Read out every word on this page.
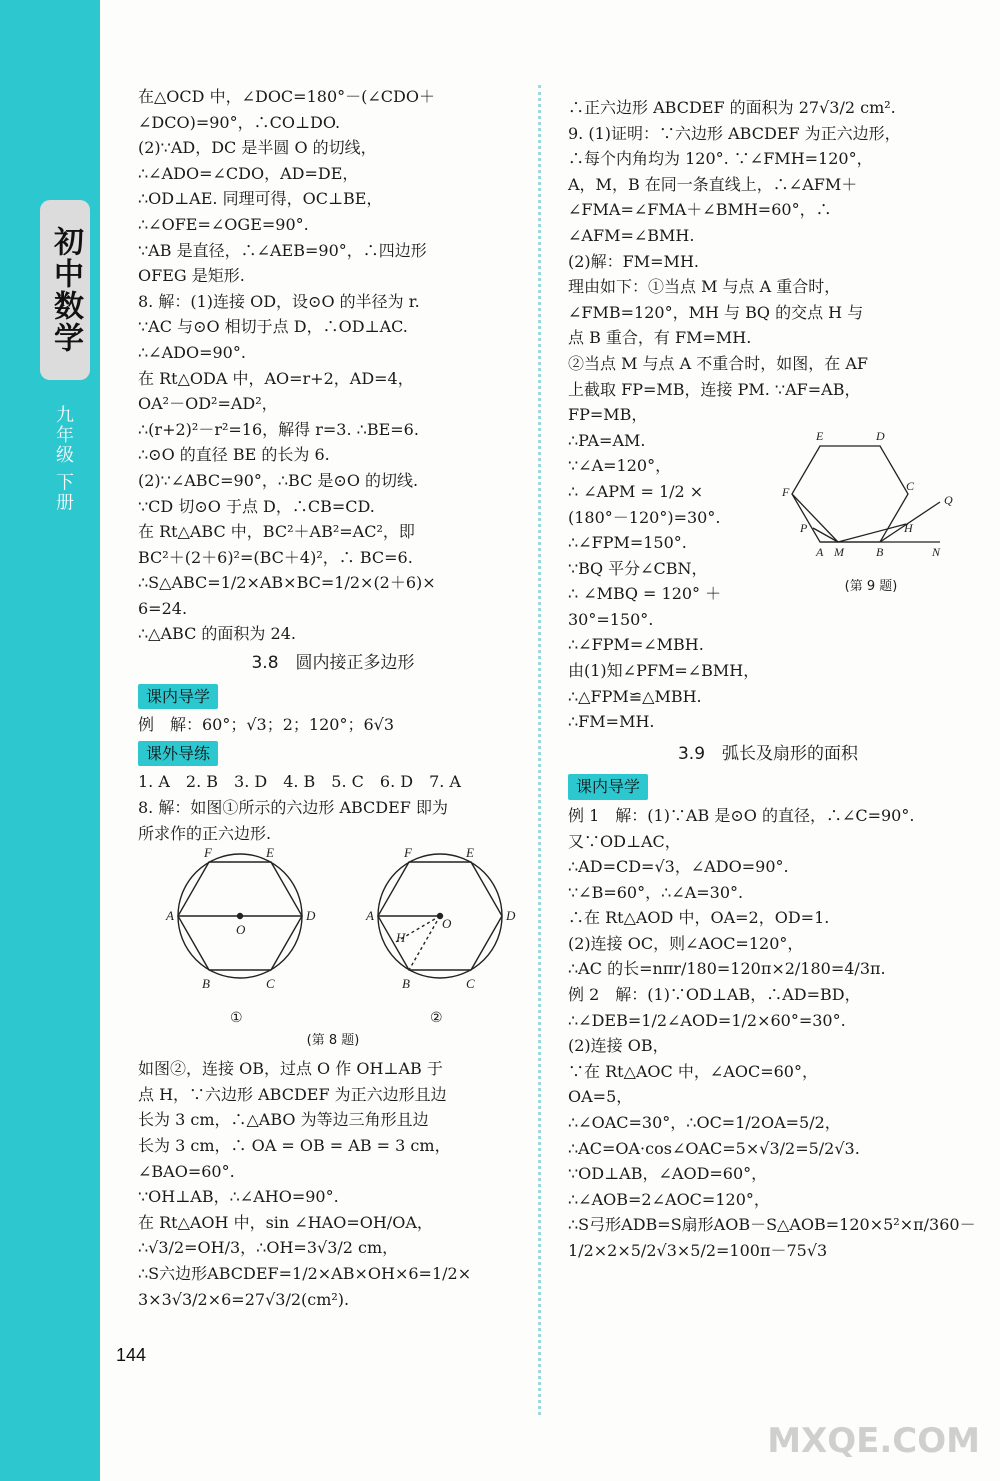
初中数学
九年级 下册
在△OCD 中，∠DOC=180°－(∠CDO＋
∠DCO)=90°，∴CO⊥DO.
(2)∵AD，DC 是半圆 O 的切线，
∴∠ADO=∠CDO，AD=DE，
∴OD⊥AE. 同理可得，OC⊥BE，
∴∠OFE=∠OGE=90°.
∵AB 是直径，∴∠AEB=90°，∴四边形
OFEG 是矩形.
8. 解：(1)连接 OD，设⊙O 的半径为 r.
∵AC 与⊙O 相切于点 D，∴OD⊥AC.
∴∠ADO=90°.
在 Rt△ODA 中，AO=r+2，AD=4，
OA²－OD²=AD²，
∴(r+2)²－r²=16，解得 r=3. ∴BE=6.
∴⊙O 的直径 BE 的长为 6.
(2)∵∠ABC=90°，∴BC 是⊙O 的切线.
∵CD 切⊙O 于点 D，∴CB=CD.
在 Rt△ABC 中，BC²＋AB²=AC²，即
BC²＋(2＋6)²=(BC＋4)²，∴ BC=6.
∴S△ABC=1/2×AB×BC=1/2×(2＋6)×
6=24.
∴△ABC 的面积为 24.
3.8　圆内接正多边形
课内导学
例　解：60°；√3；2；120°；6√3
课外导练
1. A　2. B　3. D　4. B　5. C　6. D　7. A
8. 解：如图①所示的六边形 ABCDEF 即为
所求作的正六边形.
F	E
A
O
D
B	C
F	E
A
H
O
D
B	C
①	②
(第 8 题)
如图②，连接 OB，过点 O 作 OH⊥AB 于
点 H，∵六边形 ABCDEF 为正六边形且边
长为 3 cm，∴△ABO 为等边三角形且边
长为 3 cm，∴ OA = OB = AB = 3 cm，
∠BAO=60°.
∵OH⊥AB，∴∠AHO=90°.
在 Rt△AOH 中，sin ∠HAO=OH/OA，
∴√3/2=OH/3，∴OH=3√3/2 cm，
∴S六边形ABCDEF=1/2×AB×OH×6=1/2×
3×3√3/2×6=27√3/2(cm²).
∴正六边形 ABCDEF 的面积为 27√3/2 cm².
9. (1)证明：∵六边形 ABCDEF 为正六边形，
∴每个内角均为 120°. ∵∠FMH=120°，
A，M，B 在同一条直线上，∴∠AFM＋
∠FMA=∠FMA＋∠BMH=60°，∴
∠AFM=∠BMH.
(2)解：FM=MH.
理由如下：①当点 M 与点 A 重合时，
∠FMB=120°，MH 与 BQ 的交点 H 与
点 B 重合，有 FM=MH.
②当点 M 与点 A 不重合时，如图，在 AF
上截取 FP=MB，连接 PM. ∵AF=AB，
FP=MB，
∴PA=AM.
∵∠A=120°，
∴ ∠APM = 1/2 ×
(180°－120°)=30°.
∴∠FPM=150°.
∵BQ 平分∠CBN，
∴ ∠MBQ = 120° ＋
30°=150°.
∴∠FPM=∠MBH.
由(1)知∠PFM=∠BMH，
∴△FPM≌△MBH.
∴FM=MH.
E	D
F	C
Q
P	H
A M	B	N
(第 9 题)
3.9　弧长及扇形的面积
课内导学
例 1　解：(1)∵AB 是⊙O 的直径，∴∠C=90°.
又∵OD⊥AC，
∴AD=CD=√3，∠ADO=90°.
∵∠B=60°，∴∠A=30°.
∴在 Rt△AOD 中，OA=2，OD=1.
(2)连接 OC，则∠AOC=120°，
∴AC 的长=nπr/180=120π×2/180=4/3π.
例 2　解：(1)∵OD⊥AB，∴AD=BD，
∴∠DEB=1/2∠AOD=1/2×60°=30°.
(2)连接 OB，
∵在 Rt△AOC 中，∠AOC=60°，
OA=5，
∴∠OAC=30°，∴OC=1/2OA=5/2，
∴AC=OA·cos∠OAC=5×√3/2=5/2√3.
∵OD⊥AB，∠AOD=60°，
∴∠AOB=2∠AOC=120°，
∴S弓形ADB=S扇形AOB－S△AOB=120×5²×π/360－
1/2×2×5/2√3×5/2=100π－75√3
144
MXQE.COM
